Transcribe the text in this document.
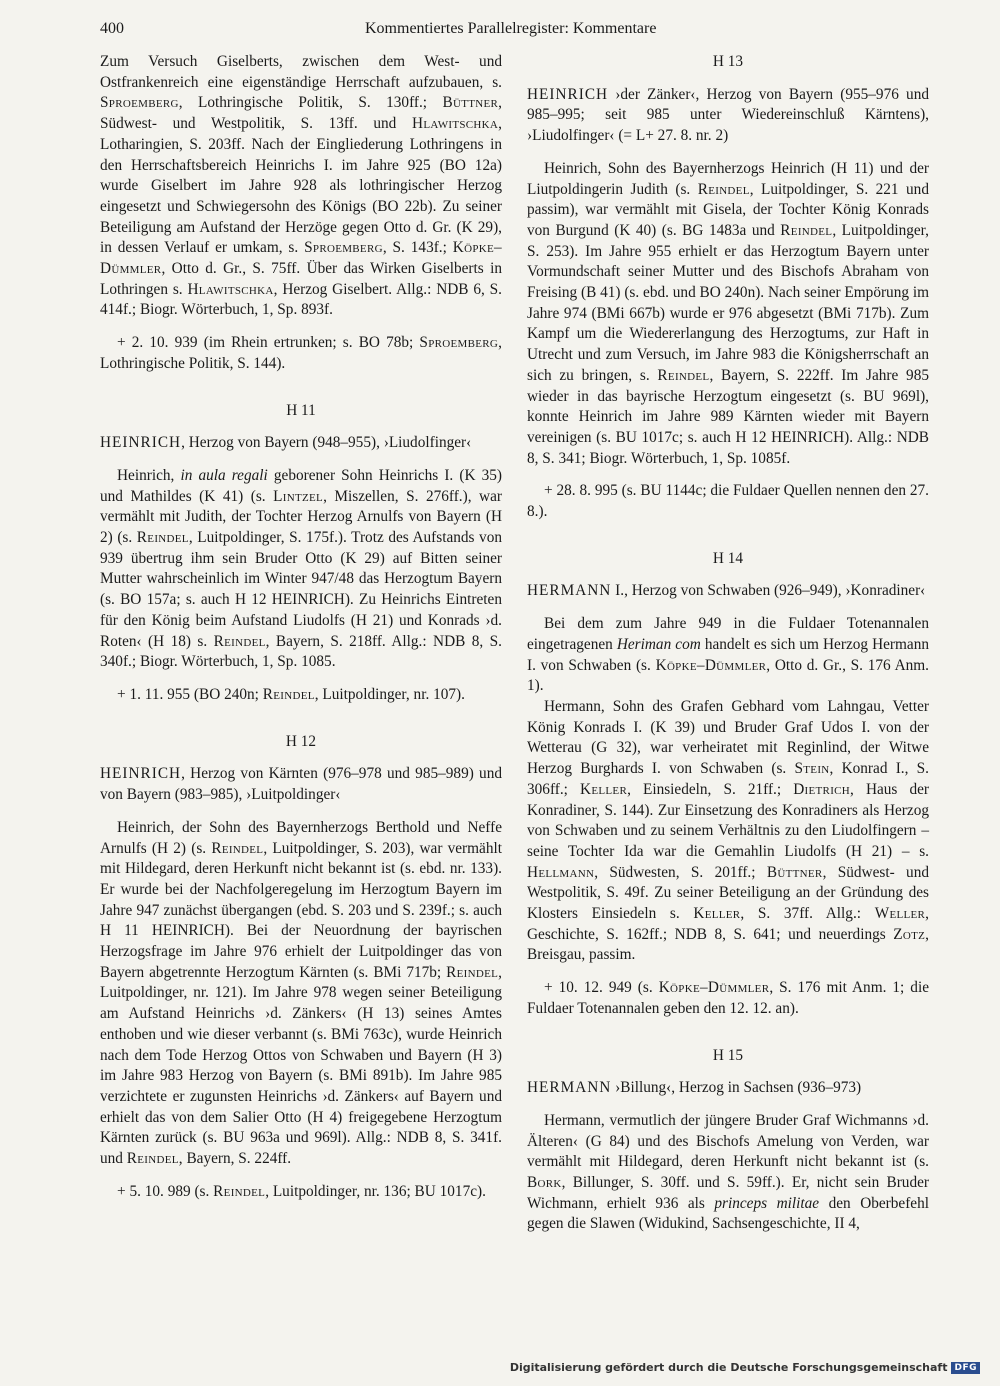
400	Kommentiertes Parallelregister: Kommentare

Zum Versuch Giselberts, zwischen dem West- und Ostfrankenreich eine eigenständige Herrschaft aufzubauen, s. Sproemberg, Lothringische Politik, S. 130ff.; Büttner, Südwest- und Westpolitik, S. 13ff. und Hlawitschka, Lotharingien, S. 203ff. Nach der Eingliederung Lothringens in den Herrschaftsbereich Heinrichs I. im Jahre 925 (BO 12a) wurde Giselbert im Jahre 928 als lothringischer Herzog eingesetzt und Schwiegersohn des Königs (BO 22b). Zu seiner Beteiligung am Aufstand der Herzöge gegen Otto d. Gr. (K 29), in dessen Verlauf er umkam, s. Sproemberg, S. 143f.; Köpke–Dümmler, Otto d. Gr., S. 75ff. Über das Wirken Giselberts in Lothringen s. Hlawitschka, Herzog Giselbert. Allg.: NDB 6, S. 414f.; Biogr. Wörterbuch, 1, Sp. 893f.

+ 2. 10. 939 (im Rhein ertrunken; s. BO 78b; Sproemberg, Lothringische Politik, S. 144).

H 11

HEINRICH, Herzog von Bayern (948–955), ›Liudolfinger‹

Heinrich, in aula regali geborener Sohn Heinrichs I. (K 35) und Mathildes (K 41) (s. Lintzel, Miszellen, S. 276ff.), war vermählt mit Judith, der Tochter Herzog Arnulfs von Bayern (H 2) (s. Reindel, Luitpoldinger, S. 175f.). Trotz des Aufstands von 939 übertrug ihm sein Bruder Otto (K 29) auf Bitten seiner Mutter wahrscheinlich im Winter 947/48 das Herzogtum Bayern (s. BO 157a; s. auch H 12 HEINRICH). Zu Heinrichs Eintreten für den König beim Aufstand Liudolfs (H 21) und Konrads ›d. Roten‹ (H 18) s. Reindel, Bayern, S. 218ff. Allg.: NDB 8, S. 340f.; Biogr. Wörterbuch, 1, Sp. 1085.

+ 1. 11. 955 (BO 240n; Reindel, Luitpoldinger, nr. 107).

H 12

HEINRICH, Herzog von Kärnten (976–978 und 985–989) und von Bayern (983–985), ›Luitpoldinger‹

Heinrich, der Sohn des Bayernherzogs Berthold und Neffe Arnulfs (H 2) (s. Reindel, Luitpoldinger, S. 203), war vermählt mit Hildegard, deren Herkunft nicht bekannt ist (s. ebd. nr. 133). Er wurde bei der Nachfolgeregelung im Herzogtum Bayern im Jahre 947 zunächst übergangen (ebd. S. 203 und S. 239f.; s. auch H 11 HEINRICH). Bei der Neuordnung der bayrischen Herzogsfrage im Jahre 976 erhielt der Luitpoldinger das von Bayern abgetrennte Herzogtum Kärnten (s. BMi 717b; Reindel, Luitpoldinger, nr. 121). Im Jahre 978 wegen seiner Beteiligung am Aufstand Heinrichs ›d. Zänkers‹ (H 13) seines Amtes enthoben und wie dieser verbannt (s. BMi 763c), wurde Heinrich nach dem Tode Herzog Ottos von Schwaben und Bayern (H 3) im Jahre 983 Herzog von Bayern (s. BMi 891b). Im Jahre 985 verzichtete er zugunsten Heinrichs ›d. Zänkers‹ auf Bayern und erhielt das von dem Salier Otto (H 4) freigegebene Herzogtum Kärnten zurück (s. BU 963a und 969l). Allg.: NDB 8, S. 341f. und Reindel, Bayern, S. 224ff.

+ 5. 10. 989 (s. Reindel, Luitpoldinger, nr. 136; BU 1017c).

H 13

HEINRICH ›der Zänker‹, Herzog von Bayern (955–976 und 985–995; seit 985 unter Wiedereinschluß Kärntens), ›Liudolfinger‹ (= L+ 27. 8. nr. 2)

Heinrich, Sohn des Bayernherzogs Heinrich (H 11) und der Liutpoldingerin Judith (s. Reindel, Luitpoldinger, S. 221 und passim), war vermählt mit Gisela, der Tochter König Konrads von Burgund (K 40) (s. BG 1483a und Reindel, Luitpoldinger, S. 253). Im Jahre 955 erhielt er das Herzogtum Bayern unter Vormundschaft seiner Mutter und des Bischofs Abraham von Freising (B 41) (s. ebd. und BO 240n). Nach seiner Empörung im Jahre 974 (BMi 667b) wurde er 976 abgesetzt (BMi 717b). Zum Kampf um die Wiedererlangung des Herzogtums, zur Haft in Utrecht und zum Versuch, im Jahre 983 die Königsherrschaft an sich zu bringen, s. Reindel, Bayern, S. 222ff. Im Jahre 985 wieder in das bayrische Herzogtum eingesetzt (s. BU 969l), konnte Heinrich im Jahre 989 Kärnten wieder mit Bayern vereinigen (s. BU 1017c; s. auch H 12 HEINRICH). Allg.: NDB 8, S. 341; Biogr. Wörterbuch, 1, Sp. 1085f.

+ 28. 8. 995 (s. BU 1144c; die Fuldaer Quellen nennen den 27. 8.).

H 14

HERMANN I., Herzog von Schwaben (926–949), ›Konradiner‹

Bei dem zum Jahre 949 in die Fuldaer Totenannalen eingetragenen Heriman com handelt es sich um Herzog Hermann I. von Schwaben (s. Köpke–Dümmler, Otto d. Gr., S. 176 Anm. 1).

Hermann, Sohn des Grafen Gebhard vom Lahngau, Vetter König Konrads I. (K 39) und Bruder Graf Udos I. von der Wetterau (G 32), war verheiratet mit Reginlind, der Witwe Herzog Burghards I. von Schwaben (s. Stein, Konrad I., S. 306ff.; Keller, Einsiedeln, S. 21ff.; Dietrich, Haus der Konradiner, S. 144). Zur Einsetzung des Konradiners als Herzog von Schwaben und zu seinem Verhältnis zu den Liudolfingern – seine Tochter Ida war die Gemahlin Liudolfs (H 21) – s. Hellmann, Südwesten, S. 201ff.; Büttner, Südwest- und Westpolitik, S. 49f. Zu seiner Beteiligung an der Gründung des Klosters Einsiedeln s. Keller, S. 37ff. Allg.: Weller, Geschichte, S. 162ff.; NDB 8, S. 641; und neuerdings Zotz, Breisgau, passim.

+ 10. 12. 949 (s. Köpke–Dümmler, S. 176 mit Anm. 1; die Fuldaer Totenannalen geben den 12. 12. an).

H 15

HERMANN ›Billung‹, Herzog in Sachsen (936–973)

Hermann, vermutlich der jüngere Bruder Graf Wichmanns ›d. Älteren‹ (G 84) und des Bischofs Amelung von Verden, war vermählt mit Hildegard, deren Herkunft nicht bekannt ist (s. Bork, Billunger, S. 30ff. und S. 59ff.). Er, nicht sein Bruder Wichmann, erhielt 936 als princeps militae den Oberbefehl gegen die Slawen (Widukind, Sachsengeschichte, II 4,

Digitalisierung gefördert durch die Deutsche Forschungsgemeinschaft DFG
